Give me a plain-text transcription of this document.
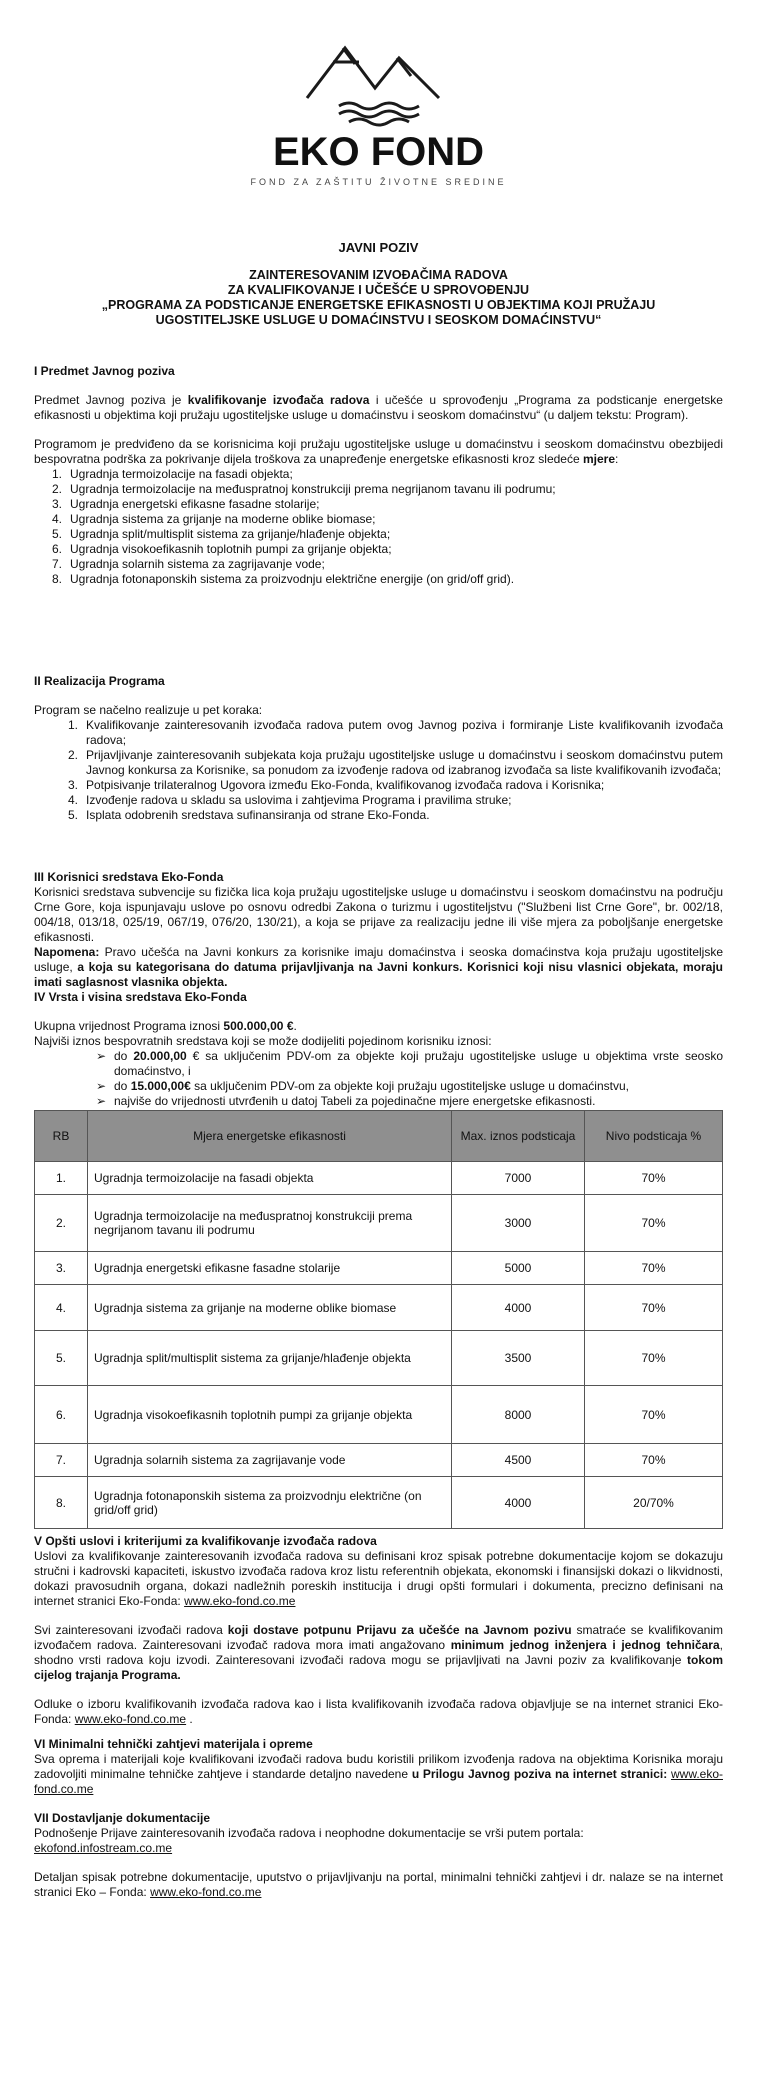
EKO FOND
FOND ZA ZAŠTITU ŽIVOTNE SREDINE
JAVNI POZIV
ZAINTERESOVANIM IZVOĐAČIMA RADOVA
ZA KVALIFIKOVANJE I UČEŠĆE U SPROVOĐENJU
„PROGRAMA ZA PODSTICANJE ENERGETSKE EFIKASNOSTI U OBJEKTIMA KOJI PRUŽAJU
UGOSTITELJSKE USLUGE U DOMAĆINSTVU I SEOSKOM DOMAĆINSTVU“
I Predmet Javnog poziva
Predmet Javnog poziva je kvalifikovanje izvođača radova i učešće u sprovođenju „Programa za podsticanje energetske efikasnosti u objektima koji pružaju ugostiteljske usluge u domaćinstvu i seoskom domaćinstvu“ (u daljem tekstu: Program).
Programom je predviđeno da se korisnicima koji pružaju ugostiteljske usluge u domaćinstvu i seoskom domaćinstvu obezbijedi bespovratna podrška za pokrivanje dijela troškova za unapređenje energetske efikasnosti kroz sledeće mjere:
1. Ugradnja termoizolacije na fasadi objekta;
2. Ugradnja termoizolacije na međuspratnoj konstrukciji prema negrijanom tavanu ili podrumu;
3. Ugradnja energetski efikasne fasadne stolarije;
4. Ugradnja sistema za grijanje na moderne oblike biomase;
5. Ugradnja split/multisplit sistema za grijanje/hlađenje objekta;
6. Ugradnja visokoefikasnih toplotnih pumpi za grijanje objekta;
7. Ugradnja solarnih sistema za zagrijavanje vode;
8. Ugradnja fotonaponskih sistema za proizvodnju električne energije (on grid/off grid).
II Realizacija Programa
Program se načelno realizuje u pet koraka:
1. Kvalifikovanje zainteresovanih izvođača radova putem ovog Javnog poziva i formiranje Liste kvalifikovanih izvođača radova;
2. Prijavljivanje zainteresovanih subjekata koja pružaju ugostiteljske usluge u domaćinstvu i seoskom domaćinstvu putem Javnog konkursa za Korisnike, sa ponudom za izvođenje radova od izabranog izvođača sa liste kvalifikovanih izvođača;
3. Potpisivanje trilateralnog Ugovora između Eko-Fonda, kvalifikovanog izvođača radova i Korisnika;
4. Izvođenje radova u skladu sa uslovima i zahtjevima Programa i pravilima struke;
5. Isplata odobrenih sredstava sufinansiranja od strane Eko-Fonda.
III Korisnici sredstava Eko-Fonda
Korisnici sredstava subvencije su fizička lica koja pružaju ugostiteljske usluge u domaćinstvu i seoskom domaćinstvu na području Crne Gore, koja ispunjavaju uslove po osnovu odredbi Zakona o turizmu i ugostiteljstvu ("Službeni list Crne Gore", br. 002/18, 004/18, 013/18, 025/19, 067/19, 076/20, 130/21), a koja se prijave za realizaciju jedne ili više mjera za poboljšanje energetske efikasnosti.
Napomena: Pravo učešća na Javni konkurs za korisnike imaju domaćinstva i seoska domaćinstva koja pružaju ugostiteljske usluge, a koja su kategorisana do datuma prijavljivanja na Javni konkurs. Korisnici koji nisu vlasnici objekata, moraju imati saglasnost vlasnika objekta.
IV Vrsta i visina sredstava Eko-Fonda
Ukupna vrijednost Programa iznosi 500.000,00 €.
Najviši iznos bespovratnih sredstava koji se može dodijeliti pojedinom korisniku iznosi:
➢ do 20.000,00 € sa uključenim PDV-om za objekte koji pružaju ugostiteljske usluge u objektima vrste seosko domaćinstvo, i
➢ do 15.000,00€ sa uključenim PDV-om za objekte koji pružaju ugostiteljske usluge u domaćinstvu,
➢ najviše do vrijednosti utvrđenih u datoj Tabeli za pojedinačne mjere energetske efikasnosti.
RB	Mjera energetske efikasnosti	Max. iznos podsticaja	Nivo podsticaja %
1.	Ugradnja termoizolacije na fasadi objekta	7000	70%
2.	Ugradnja termoizolacije na međuspratnoj konstrukciji prema negrijanom tavanu ili podrumu	3000	70%
3.	Ugradnja energetski efikasne fasadne stolarije	5000	70%
4.	Ugradnja sistema za grijanje na moderne oblike biomase	4000	70%
5.	Ugradnja split/multisplit sistema za grijanje/hlađenje objekta	3500	70%
6.	Ugradnja visokoefikasnih toplotnih pumpi za grijanje objekta	8000	70%
7.	Ugradnja solarnih sistema za zagrijavanje vode	4500	70%
8.	Ugradnja fotonaponskih sistema za proizvodnju električne (on grid/off grid)	4000	20/70%
V Opšti uslovi i kriterijumi za kvalifikovanje izvođača radova
Uslovi za kvalifikovanje zainteresovanih izvođača radova su definisani kroz spisak potrebne dokumentacije kojom se dokazuju stručni i kadrovski kapaciteti, iskustvo izvođača radova kroz listu referentnih objekata, ekonomski i finansijski dokazi o likvidnosti, dokazi pravosudnih organa, dokazi nadležnih poreskih institucija i drugi opšti formulari i dokumenta, precizno definisani na internet stranici Eko-Fonda: www.eko-fond.co.me
Svi zainteresovani izvođači radova koji dostave potpunu Prijavu za učešće na Javnom pozivu smatraće se kvalifikovanim izvođačem radova. Zainteresovani izvođač radova mora imati angažovano minimum jednog inženjera i jednog tehničara, shodno vrsti radova koju izvodi. Zainteresovani izvođači radova mogu se prijavljivati na Javni poziv za kvalifikovanje tokom cijelog trajanja Programa.
Odluke o izboru kvalifikovanih izvođača radova kao i lista kvalifikovanih izvođača radova objavljuje se na internet stranici Eko-Fonda: www.eko-fond.co.me .
VI Minimalni tehnički zahtjevi materijala i opreme
Sva oprema i materijali koje kvalifikovani izvođači radova budu koristili prilikom izvođenja radova na objektima Korisnika moraju zadovoljiti minimalne tehničke zahtjeve i standarde detaljno navedene u Prilogu Javnog poziva na internet stranici: www.eko-fond.co.me
VII Dostavljanje dokumentacije
Podnošenje Prijave zainteresovanih izvođača radova i neophodne dokumentacije se vrši putem portala:
ekofond.infostream.co.me
Detaljan spisak potrebne dokumentacije, uputstvo o prijavljivanju na portal, minimalni tehnički zahtjevi i dr. nalaze se na internet stranici Eko – Fonda: www.eko-fond.co.me
